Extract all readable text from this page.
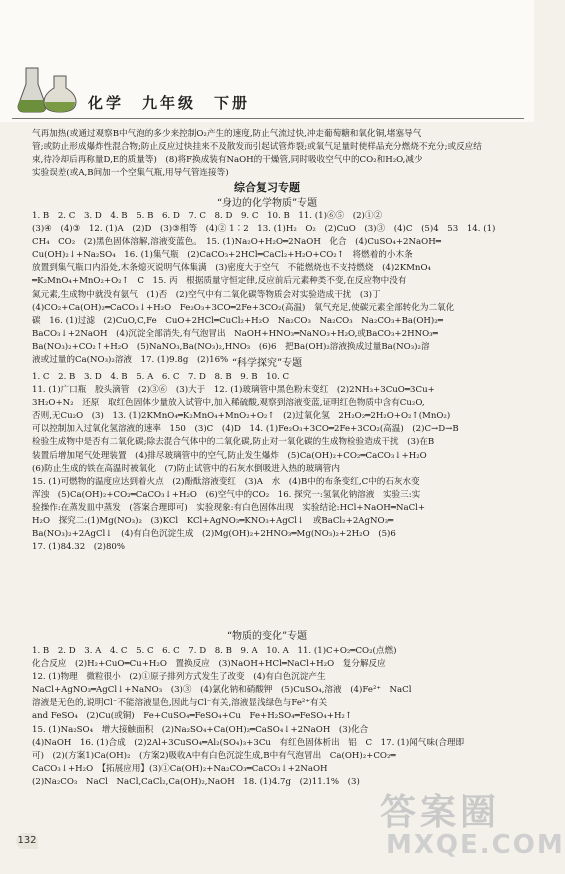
化学　九年级　下册

气再加热(或通过观察B中气泡的多少来控制O₂产生的速度,防止气流过快,冲走葡萄糖和氧化铜,堵塞导气

管;或防止形成爆炸性混合物;防止反应过快挂来不及散发而引起试管炸裂;或氧气足量时使样品充分燃烧不充分;或反应结

束,待冷却后再称量D,E的质量等)　(8)将F换成装有NaOH的干燥管,同时吸收空气中的CO₂和H₂O,减少

实验误差(或A,B间加一个空集气瓶,用导气管连接等)

综合复习专题
“身边的化学物质”专题

1. B　2. C　3. D　4. B　5. B　6. D　7. C　8. D　9. C　10. B　11. (1)⑥⑤　(2)①②

(3)④　(4)③　12. (1)A　(2)D　(3)③相等　(4)② 1∶2　13. (1)H₂　O₂　(2)CuO　(3)③　(4)C　(5)4　53　14. (1)

CH₄　CO₂　(2)黑色固体溶解,溶液变蓝色。　15. (1)Na₂O+H₂O═2NaOH　化合　(4)CuSO₄+2NaOH═

Cu(OH)₂↓+Na₂SO₄　16. (1)集气瓶　(2)CaCO₃+2HCl═CaCl₂+H₂O+CO₂↑　将燃着的小木条

放置到集气瓶口内沿处,木条熄灭说明气体集满　(3)密度大于空气　不能燃烧也不支持燃烧　(4)2KMnO₄

═K₂MnO₄+MnO₂+O₂↑　C　15. 丙　根据质量守恒定律,反应前后元素种类不变,在反应物中没有

氮元素,生成物中就没有氨气　(1)否　(2)空气中有二氧化碳等物质会对实验造成干扰　(3)丁

(4)CO₂+Ca(OH)₂═CaCO₃↓+H₂O　Fe₂O₃+3CO═2Fe+3CO₂(高温)　氧气充足,使碳元素全部转化为二氧化

碳　16. (1)过滤　(2)CuO,C,Fe　CuO+2HCl═CuCl₂+H₂O　Na₂CO₃　Na₂CO₃　Na₂CO₃+Ba(OH)₂═

BaCO₃↓+2NaOH　(4)沉淀全部消失,有气泡冒出　NaOH+HNO₃═NaNO₃+H₂O,或BaCO₃+2HNO₃═

Ba(NO₃)₂+CO₂↑+H₂O　(5)NaNO₃,Ba(NO₃)₂,HNO₃　(6)6　把Ba(OH)₂溶液换成过量Ba(NO₃)₂溶

液或过量的Ca(NO₃)₂溶液　17. (1)9.8g　(2)16% “科学探究”专题

1. C　2. B　3. D　4. B　5. A　6. C　7. D　8. B　9. B　10. C

11. (1)广口瓶　胶头滴管　(2)③⑥　(3)大于　12. (1)玻璃管中黑色粉末变红　(2)2NH₃+3CuO═3Cu+

3H₂O+N₂　还原　取红色固体少量放入试管中,加入稀硫酸,观察到溶液变蓝,证明红色物质中含有Cu₂O,

否则,无Cu₂O　(3)　13. (1)2KMnO₄═K₂MnO₄+MnO₂+O₂↑　(2)过氧化氢　2H₂O₂═2H₂O+O₂↑(MnO₂)

可以控制加入过氧化氢溶液的速率　150　(3)C　(4)D　14. (1)Fe₂O₃+3CO═2Fe+3CO₂(高温)　(2)C→D→B

检验生成物中是否有二氧化碳;除去混合气体中的二氧化碳,防止对一氧化碳的生成物检验造成干扰　(3)在B

装置后增加尾气处理装置　(4)排尽玻璃管中的空气,防止发生爆炸　(5)Ca(OH)₂+CO₂═CaCO₃↓+H₂O

(6)防止生成的铁在高温时被氧化　(7)防止试管中的石灰水倒吸进入热的玻璃管内

15. (1)可燃物的温度应达到着火点　(2)酚酞溶液变红　(3)A　水　(4)B中的布条变红,C中的石灰水变

浑浊　(5)Ca(OH)₂+CO₂═CaCO₃↓+H₂O　(6)空气中的CO₂　16. 探究一:氢氧化钠溶液　实验三:实

验操作:在蒸发皿中蒸发　(答案合理即可)　实验现象:有白色固体出现　实验结论:HCl+NaOH═NaCl+

H₂O　探究二:(1)Mg(NO₃)₂　(3)KCl　KCl+AgNO₃═KNO₃+AgCl↓　或BaCl₂+2AgNO₃═

Ba(NO₃)₂+2AgCl↓　(4)有白色沉淀生成　(2)Mg(OH)₂+2HNO₃═Mg(NO₃)₂+2H₂O　(5)6

17. (1)84.32　(2)80%

“物质的变化”专题

1. B　2. D　3. A　4. C　5. C　6. C　7. D　8. B　9. A　10. A　11. (1)C+O₂═CO₂(点燃)

化合反应　(2)H₂+CuO═Cu+H₂O　置换反应　(3)NaOH+HCl═NaCl+H₂O　复分解反应

12. (1)物理　微粒很小　(2)①原子排列方式发生了改变　(4)有白色沉淀产生

NaCl+AgNO₃═AgCl↓+NaNO₃　(3)③　(4)氯化钠和硝酸钾　(5)CuSO₄,溶液　(4)Fe²⁺　NaCl

溶液是无色的,说明Cl⁻不能溶液显色,因此与Cl⁻有关,溶液显浅绿色与Fe²⁺有关

and FeSO₄　(2)Cu(或铜)　Fe+CuSO₄═FeSO₄+Cu　Fe+H₂SO₄═FeSO₄+H₂↑

15. (1)Na₂SO₄　增大接触面积　(2)Na₂SO₄+Ca(OH)₂═CaSO₄↓+2NaOH　(3)化合

(4)NaOH　16. (1)合成　(2)2Al+3CuSO₄═Al₂(SO₄)₃+3Cu　有红色固体析出　铝　C　17. (1)闻气味(合理即

可)　(2)(方案1)Ca(OH)₂　(方案2)吸收A中有白色沉淀生成,B中有气泡冒出　Ca(OH)₂+CO₂═

CaCO₃↓+H₂O　【拓展应用】(3)①Ca(OH)₂+Na₂CO₃═CaCO₃↓+2NaOH

(2)Na₂CO₃　NaCl　NaCl,CaCl₂,Ca(OH)₂,NaOH　18. (1)4.7g　(2)11.1%　(3)

132
答案圈
MXQE.COM
